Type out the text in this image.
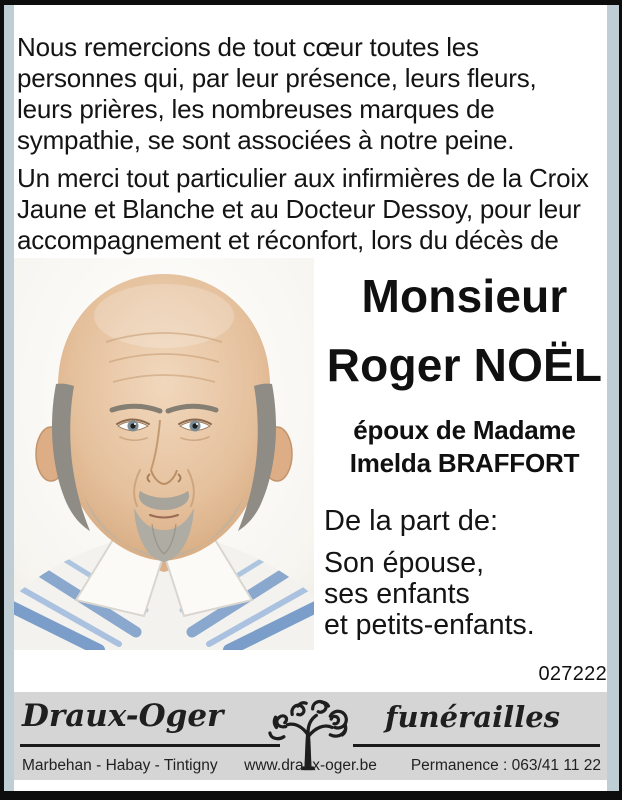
Nous remercions de tout cœur toutes les
personnes qui, par leur présence, leurs fleurs,
leurs prières, les nombreuses marques de
sympathie, se sont associées à notre peine.
Un merci tout particulier aux infirmières de la Croix
Jaune et Blanche et au Docteur Dessoy, pour leur
accompagnement et réconfort, lors du décès de
Monsieur
Roger NOËL
époux de Madame
Imelda BRAFFORT
De la part de:
Son épouse,
ses enfants
et petits-enfants.
027222
Draux-Oger	funérailles
Marbehan - Habay - Tintigny www.draux-oger.be Permanence : 063/41 11 22
